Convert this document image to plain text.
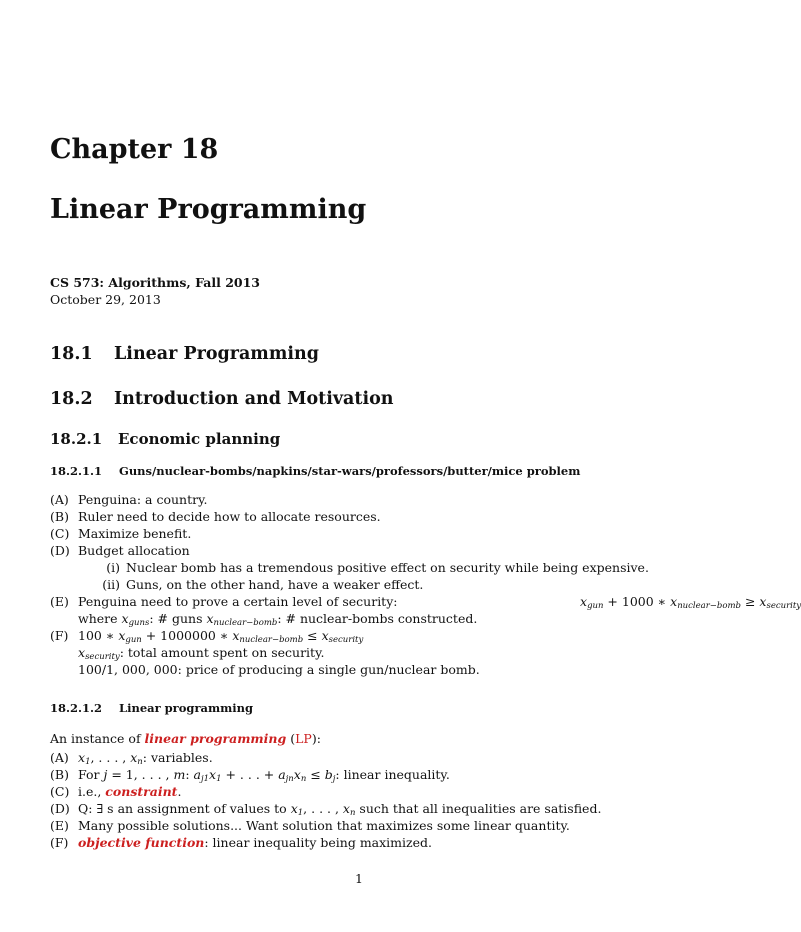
Chapter 18
Linear Programming
CS 573: Algorithms, Fall 2013
October 29, 2013
18.1 Linear Programming
18.2 Introduction and Motivation
18.2.1 Economic planning
18.2.1.1 Guns/nuclear-bombs/napkins/star-wars/professors/butter/mice problem
(A) Penguina: a country.
(B) Ruler need to decide how to allocate resources.
(C) Maximize benefit.
(D) Budget allocation
(i) Nuclear bomb has a tremendous positive effect on security while being expensive.
(ii) Guns, on the other hand, have a weaker effect.
(E) Penguina need to prove a certain level of security:	xgun + 1000 ∗ xnuclear−bomb ≥ xsecurity
where xguns: # guns xnuclear−bomb: # nuclear-bombs constructed.
(F) 100 ∗ xgun + 1000000 ∗ xnuclear−bomb ≤ xsecurity
xsecurity: total amount spent on security.
100/1, 000, 000: price of producing a single gun/nuclear bomb.
18.2.1.2 Linear programming
An instance of linear programming (LP):
(A) x1, . . . , xn: variables.
(B) For j = 1, . . . , m: aj1x1 + . . . + ajnxn ≤ bj: linear inequality.
(C) i.e., constraint.
(D) Q: ∃ s an assignment of values to x1, . . . , xn such that all inequalities are satisfied.
(E) Many possible solutions... Want solution that maximizes some linear quantity.
(F) objective function: linear inequality being maximized.
1
